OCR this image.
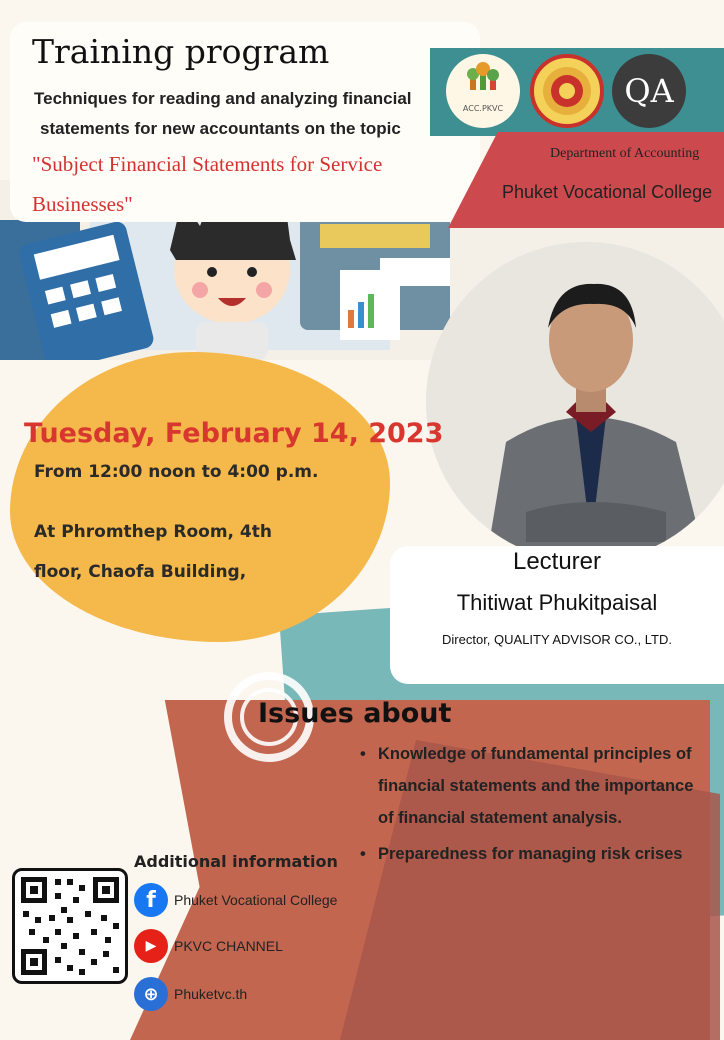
Training program
Techniques for reading and analyzing financial
statements for new accountants on the topic
"Subject Financial Statements for Service Businesses"
ACC.PKVC	QA
Department of Accounting
Phuket Vocational College
Tuesday, February 14, 2023
From 12:00 noon to 4:00 p.m.
At Phromthep Room, 4th floor, Chaofa Building,	Lecturer
Thitiwat Phukitpaisal
Director, QUALITY ADVISOR CO., LTD.
Issues about
• Knowledge of fundamental principles of financial statements and the importance of financial statement analysis.
• Preparedness for managing risk crises
Additional information
f	Phuket Vocational College
▶	PKVC CHANNEL
⊕	Phuketvc.th
